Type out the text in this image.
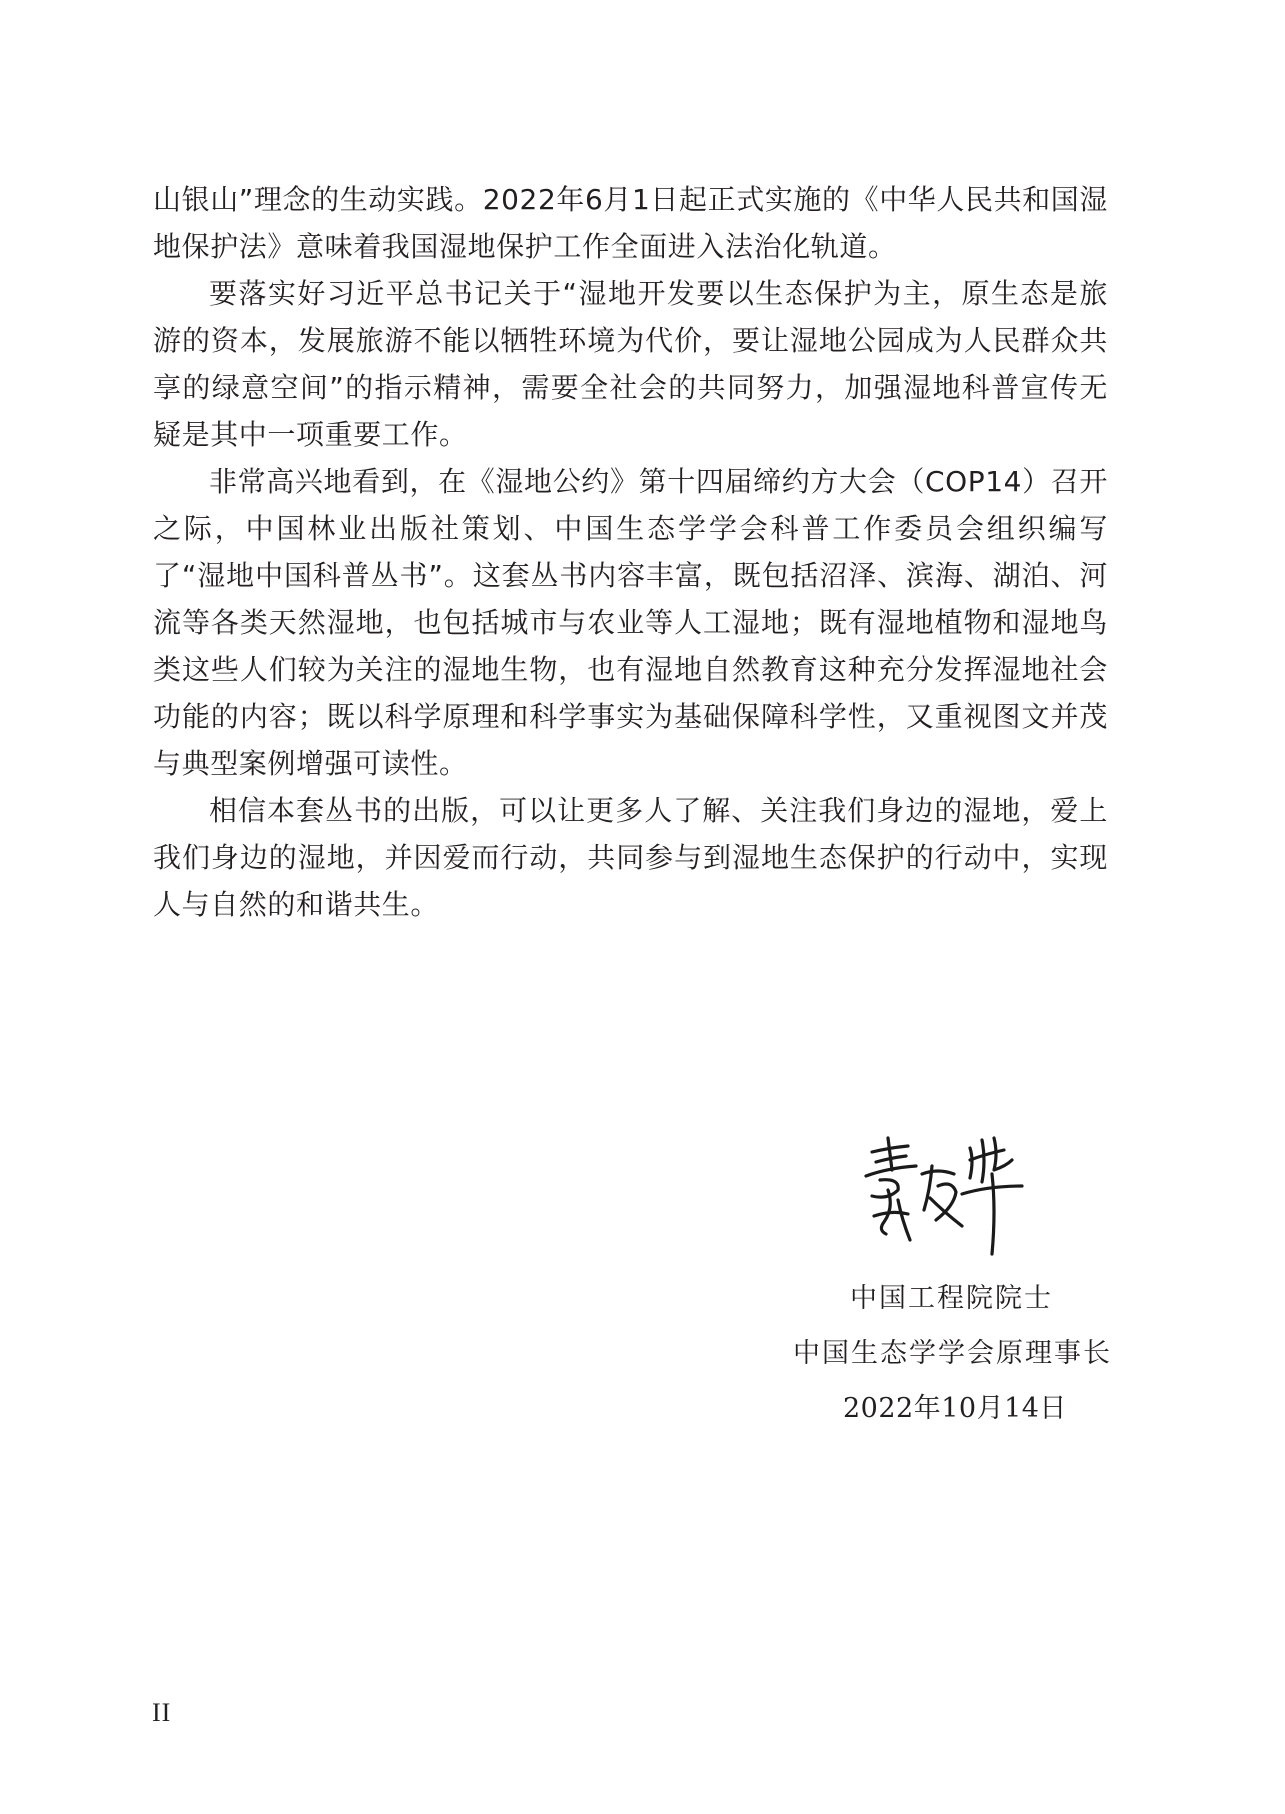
山银山”理念的生动实践。2022年6月1日起正式实施的《中华人民共和国湿地保护法》意味着我国湿地保护工作全面进入法治化轨道。

要落实好习近平总书记关于“湿地开发要以生态保护为主，原生态是旅游的资本，发展旅游不能以牺牲环境为代价，要让湿地公园成为人民群众共享的绿意空间”的指示精神，需要全社会的共同努力，加强湿地科普宣传无疑是其中一项重要工作。

非常高兴地看到，在《湿地公约》第十四届缔约方大会（COP14）召开之际，中国林业出版社策划、中国生态学学会科普工作委员会组织编写了“湿地中国科普丛书”。这套丛书内容丰富，既包括沼泽、滨海、湖泊、河流等各类天然湿地，也包括城市与农业等人工湿地；既有湿地植物和湿地鸟类这些人们较为关注的湿地生物，也有湿地自然教育这种充分发挥湿地社会功能的内容；既以科学原理和科学事实为基础保障科学性，又重视图文并茂与典型案例增强可读性。

相信本套丛书的出版，可以让更多人了解、关注我们身边的湿地，爱上我们身边的湿地，并因爱而行动，共同参与到湿地生态保护的行动中，实现人与自然的和谐共生。

中国工程院院士
中国生态学学会原理事长
2022年10月14日
II
